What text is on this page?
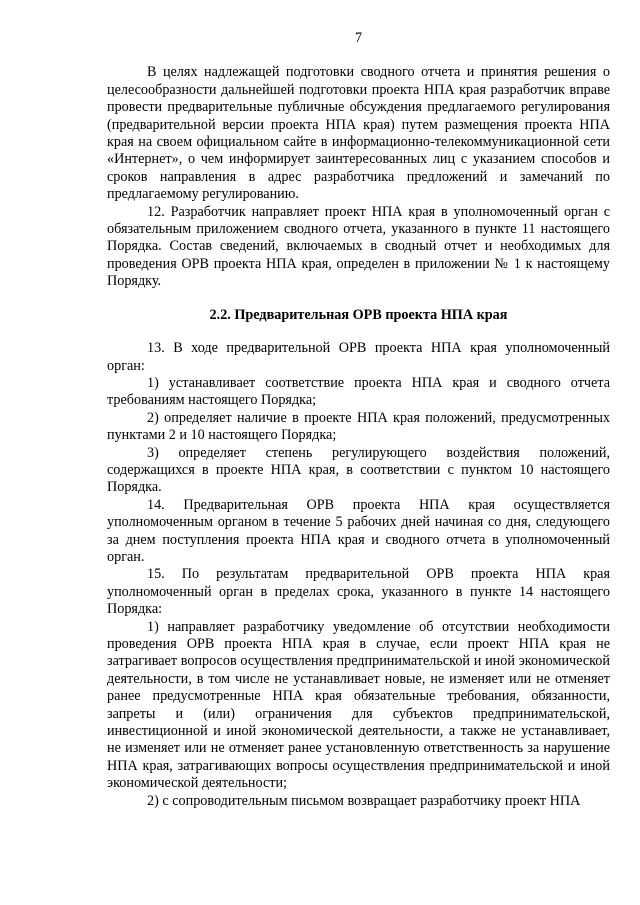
7

В целях надлежащей подготовки сводного отчета и принятия решения о целесообразности дальнейшей подготовки проекта НПА края разработчик вправе провести предварительные публичные обсуждения предлагаемого регулирования (предварительной версии проекта НПА края) путем размещения проекта НПА края на своем официальном сайте в информационно-телекоммуникационной сети «Интернет», о чем информирует заинтересованных лиц с указанием способов и сроков направления в адрес разработчика предложений и замечаний по предлагаемому регулированию.

12. Разработчик направляет проект НПА края в уполномоченный орган с обязательным приложением сводного отчета, указанного в пункте 11 настоящего Порядка. Состав сведений, включаемых в сводный отчет и необходимых для проведения ОРВ проекта НПА края, определен в приложении № 1 к настоящему Порядку.

2.2. Предварительная ОРВ проекта НПА края

13. В ходе предварительной ОРВ проекта НПА края уполномоченный орган:

1) устанавливает соответствие проекта НПА края и сводного отчета требованиям настоящего Порядка;

2) определяет наличие в проекте НПА края положений, предусмотренных пунктами 2 и 10 настоящего Порядка;

3) определяет степень регулирующего воздействия положений, содержащихся в проекте НПА края, в соответствии с пунктом 10 настоящего Порядка.

14. Предварительная ОРВ проекта НПА края осуществляется уполномоченным органом в течение 5 рабочих дней начиная со дня, следующего за днем поступления проекта НПА края и сводного отчета в уполномоченный орган.

15. По результатам предварительной ОРВ проекта НПА края уполномоченный орган в пределах срока, указанного в пункте 14 настоящего Порядка:

1) направляет разработчику уведомление об отсутствии необходимости проведения ОРВ проекта НПА края в случае, если проект НПА края не затрагивает вопросов осуществления предпринимательской и иной экономической деятельности, в том числе не устанавливает новые, не изменяет или не отменяет ранее предусмотренные НПА края обязательные требования, обязанности, запреты и (или) ограничения для субъектов предпринимательской, инвестиционной и иной экономической деятельности, а также не устанавливает, не изменяет или не отменяет ранее установленную ответственность за нарушение НПА края, затрагивающих вопросы осуществления предпринимательской и иной экономической деятельности;

2) с сопроводительным письмом возвращает разработчику проект НПА
